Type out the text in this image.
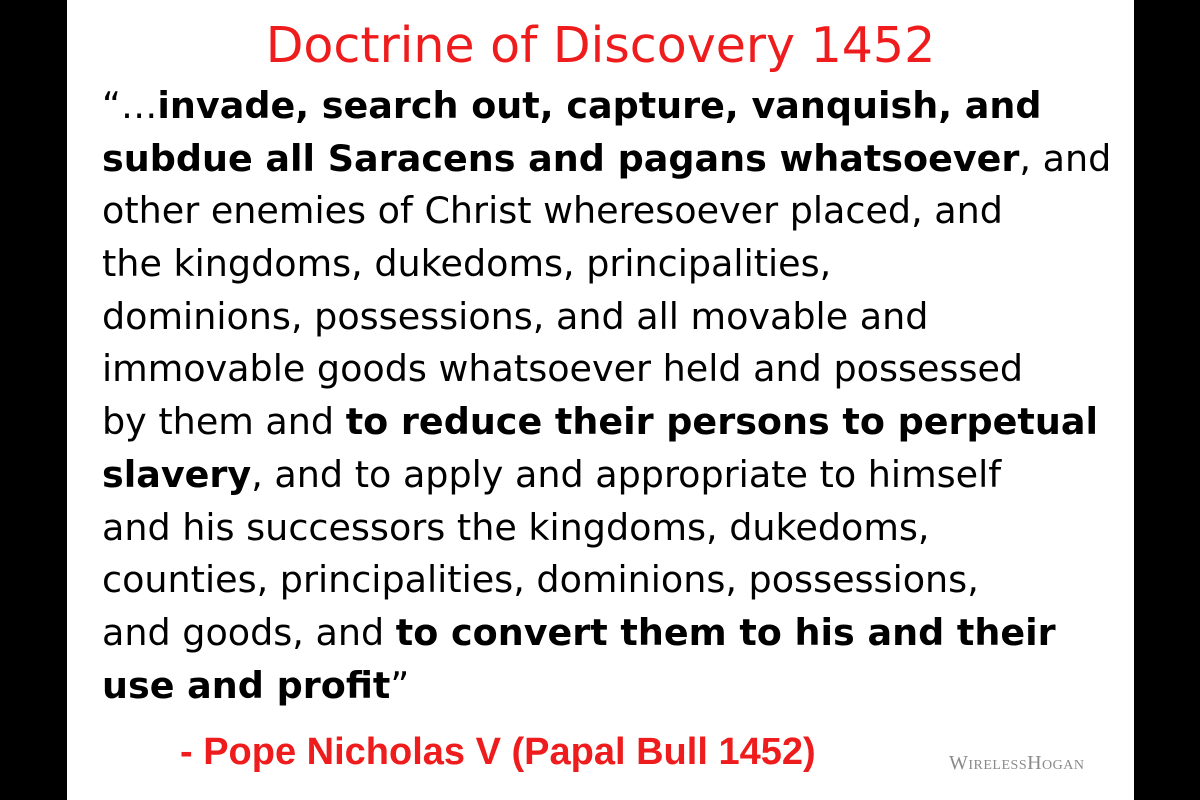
Doctrine of Discovery 1452
“…invade, search out, capture, vanquish, and
subdue all Saracens and pagans whatsoever, and
other enemies of Christ wheresoever placed, and
the kingdoms, dukedoms, principalities,
dominions, possessions, and all movable and
immovable goods whatsoever held and possessed
by them and to reduce their persons to perpetual
slavery, and to apply and appropriate to himself
and his successors the kingdoms, dukedoms,
counties, principalities, dominions, possessions,
and goods, and to convert them to his and their
use and profit”
- Pope Nicholas V (Papal Bull 1452)	WirelessHogan
